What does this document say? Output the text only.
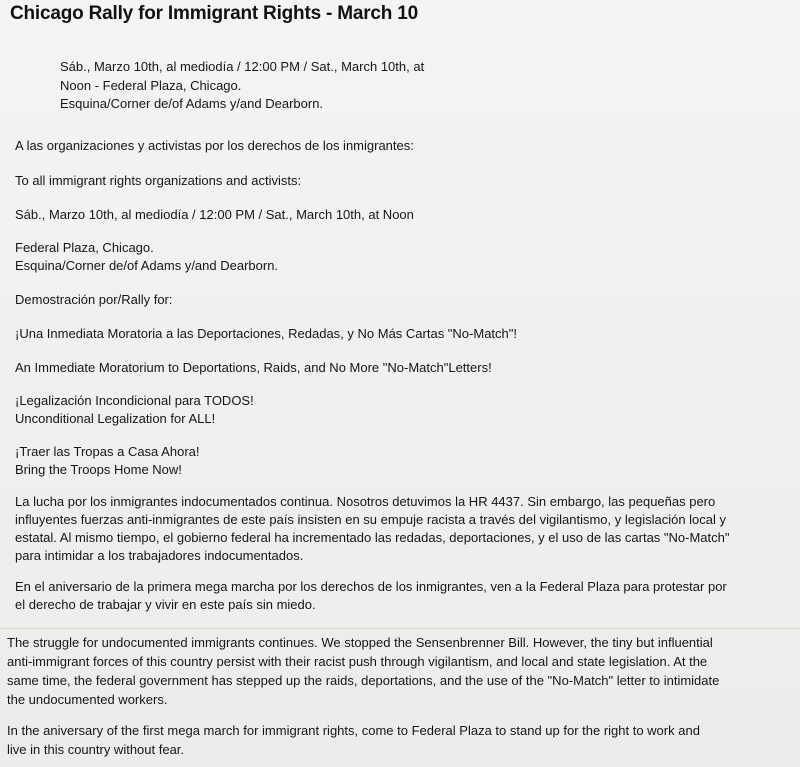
Chicago Rally for Immigrant Rights - March 10
Sáb., Marzo 10th, al mediodía / 12:00 PM / Sat., March 10th, at
Noon - Federal Plaza, Chicago.
Esquina/Corner de/of Adams y/and Dearborn.

A las organizaciones y activistas por los derechos de los inmigrantes:

To all immigrant rights organizations and activists:

Sáb., Marzo 10th, al mediodía / 12:00 PM / Sat., March 10th, at Noon

Federal Plaza, Chicago.
Esquina/Corner de/of Adams y/and Dearborn.

Demostración por/Rally for:

¡Una Inmediata Moratoria a las Deportaciones, Redadas, y No Más Cartas "No-Match"!

An Immediate Moratorium to Deportations, Raids, and No More "No-Match"Letters!

¡Legalización Incondicional para TODOS!
Unconditional Legalization for ALL!
¡Traer las Tropas a Casa Ahora!
Bring the Troops Home Now!
La lucha por los inmigrantes indocumentados continua. Nosotros detuvimos la HR 4437. Sin embargo, las pequeñas pero
influyentes fuerzas anti-inmigrantes de este país insisten en su empuje racista a través del vigilantismo, y legislación local y
estatal. Al mismo tiempo, el gobierno federal ha incrementado las redadas, deportaciones, y el uso de las cartas "No-Match"
para intimidar a los trabajadores indocumentados.
En el aniversario de la primera mega marcha por los derechos de los inmigrantes, ven a la Federal Plaza para protestar por
el derecho de trabajar y vivir en este país sin miedo.
The struggle for undocumented immigrants continues. We stopped the Sensenbrenner Bill. However, the tiny but influential
anti-immigrant forces of this country persist with their racist push through vigilantism, and local and state legislation. At the
same time, the federal government has stepped up the raids, deportations, and the use of the "No-Match" letter to intimidate
the undocumented workers.
In the aniversary of the first mega march for immigrant rights, come to Federal Plaza to stand up for the right to work and
live in this country without fear.
